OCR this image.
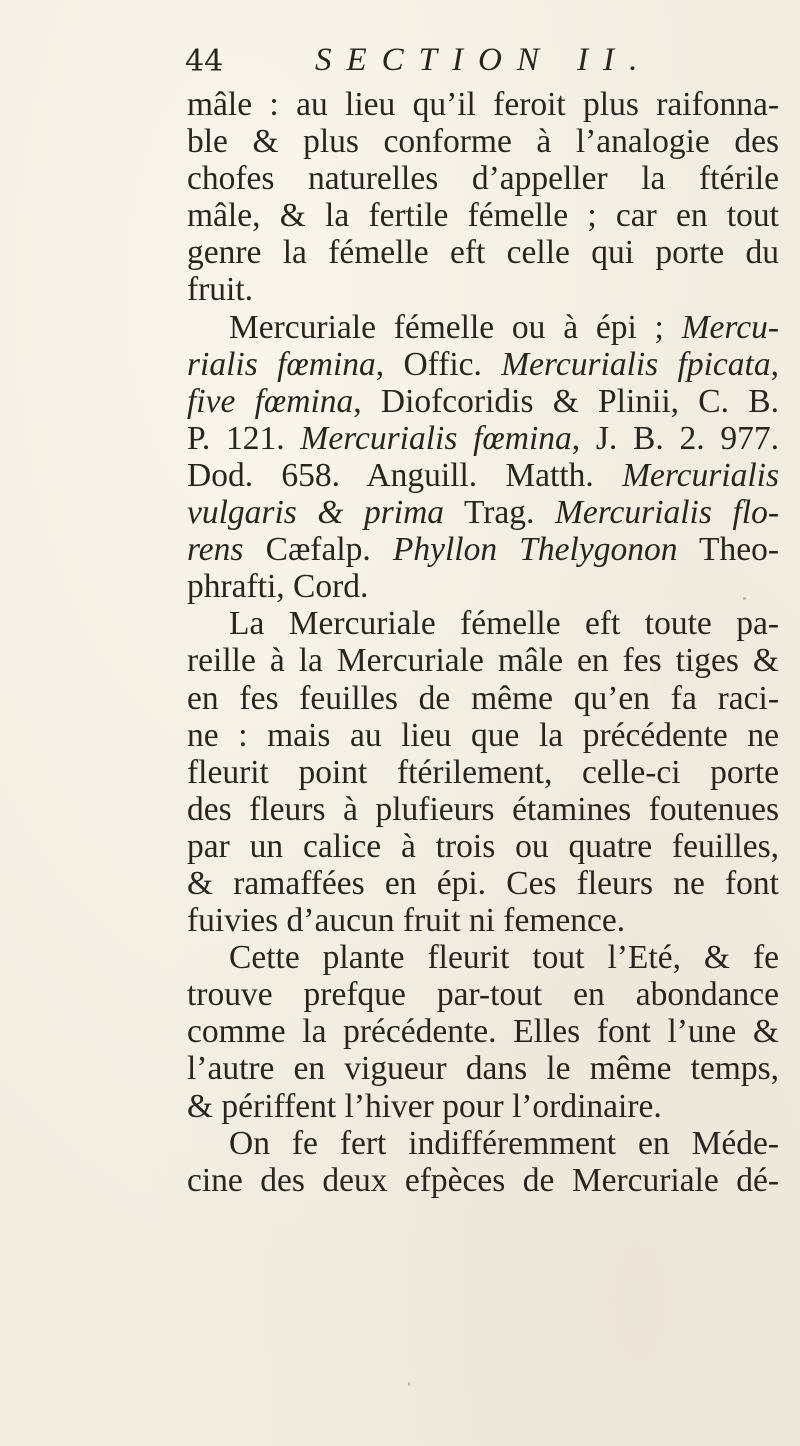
44	SECTION II.
mâle : au lieu qu’il feroit plus raifonna-
ble & plus conforme à l’analogie des
chofes naturelles d’appeller la ftérile
mâle, & la fertile fémelle ; car en tout
genre la fémelle eft celle qui porte du
fruit.
Mercuriale fémelle ou à épi ; Mercu-
rialis fœmina, Offic. Mercurialis fpicata,
five fœmina, Diofcoridis & Plinii, C. B.
P. 121. Mercurialis fœmina, J. B. 2. 977.
Dod. 658. Anguill. Matth. Mercurialis
vulgaris & prima Trag. Mercurialis flo-
rens Cæfalp. Phyllon Thelygonon Theo-
phrafti, Cord.
La Mercuriale fémelle eft toute pa-
reille à la Mercuriale mâle en fes tiges &
en fes feuilles de même qu’en fa raci-
ne : mais au lieu que la précédente ne
fleurit point ftérilement, celle-ci porte
des fleurs à plufieurs étamines foutenues
par un calice à trois ou quatre feuilles,
& ramaffées en épi. Ces fleurs ne font
fuivies d’aucun fruit ni femence.
Cette plante fleurit tout l’Eté, & fe
trouve prefque par-tout en abondance
comme la précédente. Elles font l’une &
l’autre en vigueur dans le même temps,
& périffent l’hiver pour l’ordinaire.
On fe fert indifféremment en Méde-
cine des deux efpèces de Mercuriale dé-
